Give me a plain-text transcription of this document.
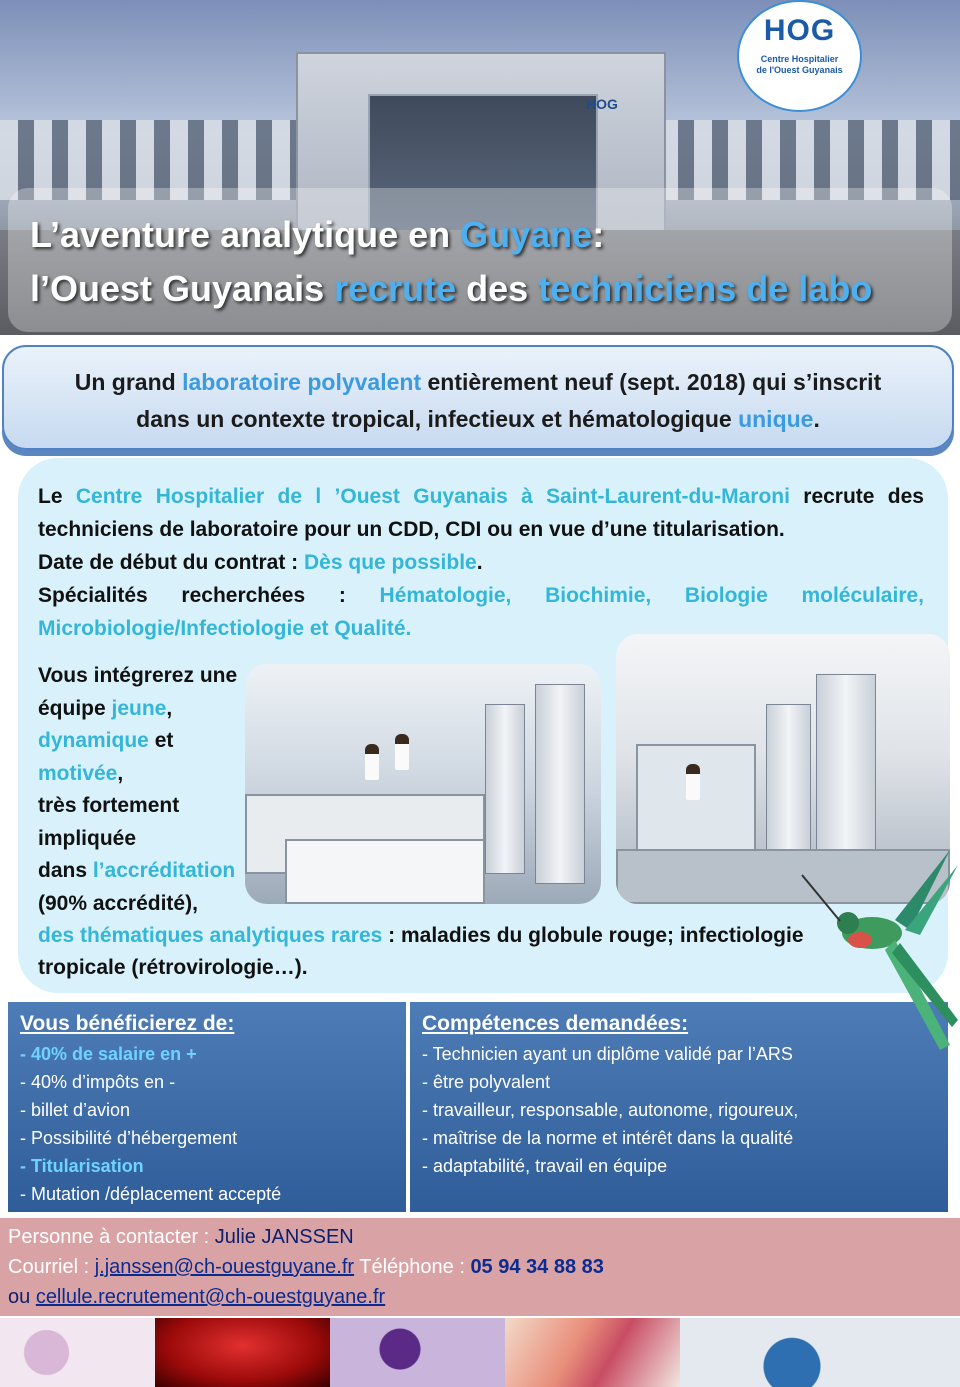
HOG
L’aventure analytique en Guyane:
l’Ouest Guyanais recrute des techniciens de labo
HOG
Centre Hospitalier
de l'Ouest Guyanais

Un grand laboratoire polyvalent entièrement neuf (sept. 2018) qui s’inscrit
dans un contexte tropical, infectieux et hématologique unique.

Le Centre Hospitalier de l ’Ouest Guyanais à Saint-Laurent-du-Maroni recrute des techniciens de laboratoire pour un CDD, CDI ou en vue d’une titularisation.
Date de début du contrat : Dès que possible.
Spécialités recherchées : Hématologie, Biochimie, Biologie moléculaire, Microbiologie/Infectiologie et Qualité.
Vous intégrerez une
équipe jeune,
dynamique et
motivée,
très fortement
impliquée
dans l’accréditation
(90% accrédité),
des thématiques analytiques rares : maladies du globule rouge; infectiologie
tropicale (rétrovirologie…).
Vous bénéficierez de:
- 40% de salaire en +
- 40% d’impôts en -
- billet d’avion
- Possibilité d’hébergement
- Titularisation
- Mutation /déplacement accepté
Compétences demandées:
- Technicien ayant un diplôme validé par l’ARS
- être polyvalent
- travailleur, responsable, autonome, rigoureux,
- maîtrise de la norme et intérêt dans la qualité
- adaptabilité, travail en équipe
Personne à contacter : Julie JANSSEN
Courriel : j.janssen@ch-ouestguyane.fr Téléphone : 05 94 34 88 83
ou cellule.recrutement@ch-ouestguyane.fr
